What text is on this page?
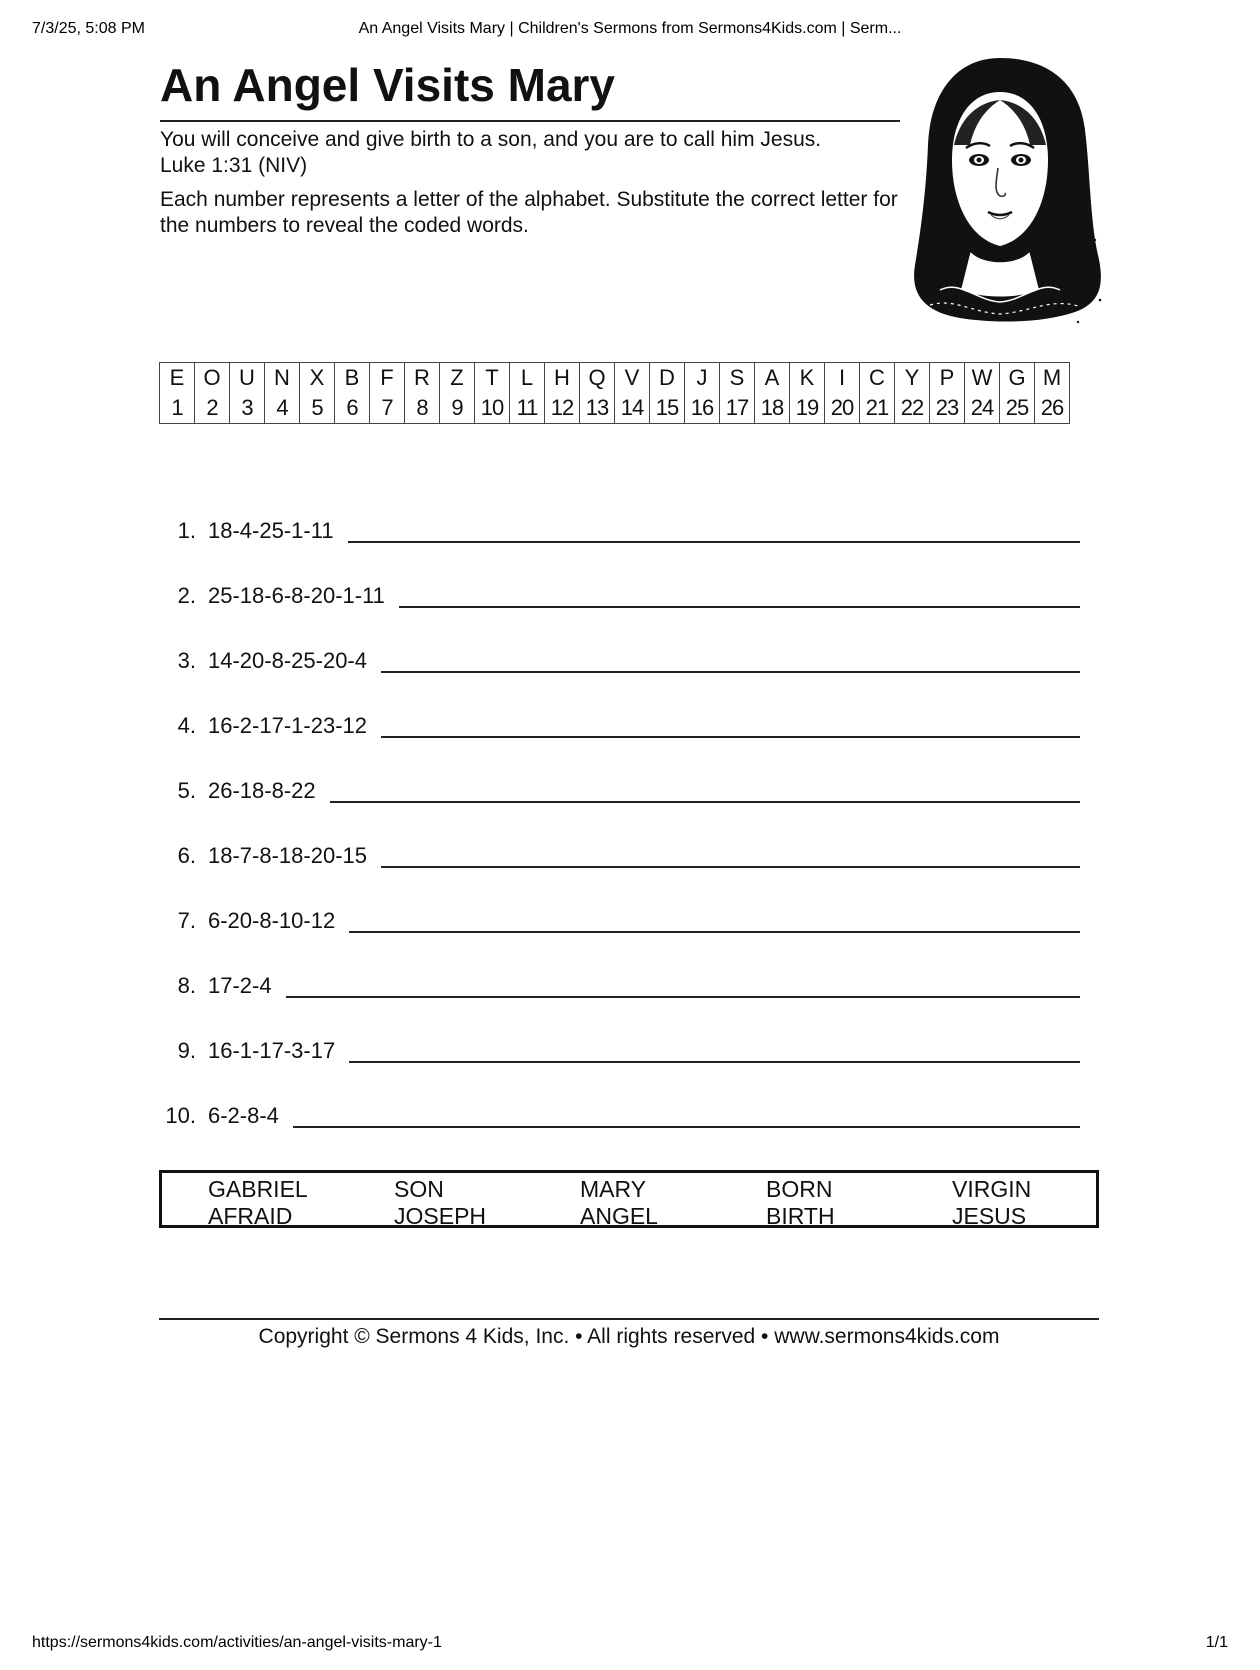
7/3/25, 5:08 PM	An Angel Visits Mary | Children's Sermons from Sermons4Kids.com | Serm...
An Angel Visits Mary

You will conceive and give birth to a son, and you are to call him Jesus.

Luke 1:31 (NIV)

Each number represents a letter of the alphabet. Substitute the correct letter for the numbers to reveal the coded words.

E	O	U	N	X	B	F	R	Z	T	L	H	Q	V	D	J	S	A	K	I	C	Y	P	W	G	M
1	2	3	4	5	6	7	8	9	10	11	12	13	14	15	16	17	18	19	20	21	22	23	24	25	26
1. 18-4-25-1-11
2. 25-18-6-8-20-1-11
3. 14-20-8-25-20-4
4. 16-2-17-1-23-12
5. 26-18-8-22
6. 18-7-8-18-20-15
7. 6-20-8-10-12
8. 17-2-4
9. 16-1-17-3-17
10. 6-2-8-4
GABRIEL	SON	MARY	BORN	VIRGIN
AFRAID	JOSEPH	ANGEL	BIRTH	JESUS

Copyright © Sermons 4 Kids, Inc. • All rights reserved • www.sermons4kids.com

https://sermons4kids.com/activities/an-angel-visits-mary-1	1/1
